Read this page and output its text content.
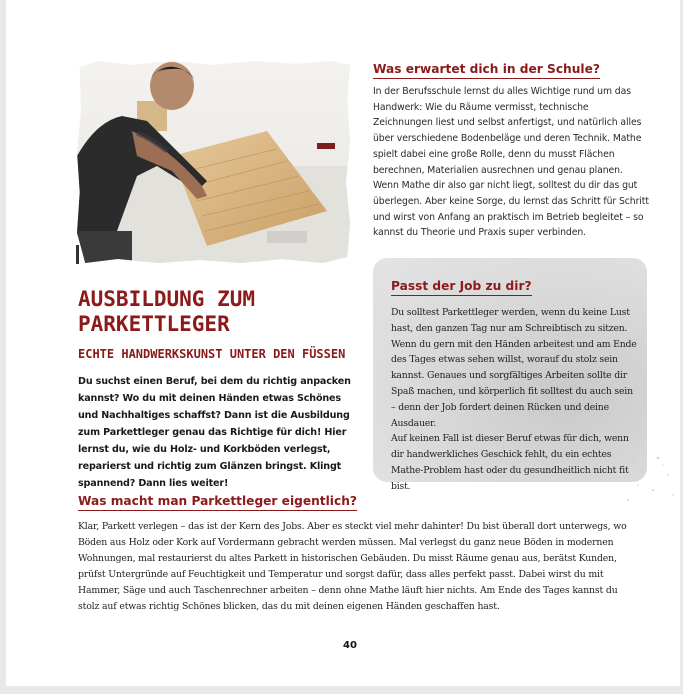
AUSBILDUNG ZUM
PARKETTLEGER
ECHTE HANDWERKSKUNST UNTER DEN FÜSSEN
Du suchst einen Beruf, bei dem du richtig anpacken kannst? Wo du mit deinen Händen etwas Schönes und Nachhaltiges schaffst? Dann ist die Ausbildung zum Parkettleger genau das Richtige für dich! Hier lernst du, wie du Holz- und Korkböden verlegst, reparierst und richtig zum Glänzen bringst. Klingt spannend? Dann lies weiter!
Was erwartet dich in der Schule?
In der Berufsschule lernst du alles Wichtige rund um das Handwerk: Wie du Räume vermisst, technische Zeichnungen liest und selbst anfertigst, und natürlich alles über verschiedene Bodenbeläge und deren Technik. Mathe spielt dabei eine große Rolle, denn du musst Flächen berechnen, Materialien ausrechnen und genau planen. Wenn Mathe dir also gar nicht liegt, solltest du dir das gut überlegen. Aber keine Sorge, du lernst das Schritt für Schritt und wirst von Anfang an praktisch im Betrieb begleitet – so kannst du Theorie und Praxis super verbinden.
Passt der Job zu dir?
Du solltest Parkettleger werden, wenn du keine Lust hast, den ganzen Tag nur am Schreibtisch zu sitzen. Wenn du gern mit den Händen arbeitest und am Ende des Tages etwas sehen willst, worauf du stolz sein kannst. Genaues und sorgfältiges Arbeiten sollte dir Spaß machen, und körperlich fit solltest du auch sein – denn der Job fordert deinen Rücken und deine Ausdauer.
Auf keinen Fall ist dieser Beruf etwas für dich, wenn dir handwerkliches Geschick fehlt, du ein echtes Mathe-Problem hast oder du gesundheitlich nicht fit bist.
Was macht man Parkettleger eigentlich?
Klar, Parkett verlegen – das ist der Kern des Jobs. Aber es steckt viel mehr dahinter! Du bist überall dort unterwegs, wo Böden aus Holz oder Kork auf Vordermann gebracht werden müssen. Mal verlegst du ganz neue Böden in modernen Wohnungen, mal restaurierst du altes Parkett in historischen Gebäuden. Du misst Räume genau aus, berätst Kunden, prüfst Untergründe auf Feuchtigkeit und Temperatur und sorgst dafür, dass alles perfekt passt. Dabei wirst du mit Hammer, Säge und auch Taschenrechner arbeiten – denn ohne Mathe läuft hier nichts. Am Ende des Tages kannst du stolz auf etwas richtig Schönes blicken, das du mit deinen eigenen Händen geschaffen hast.
40
